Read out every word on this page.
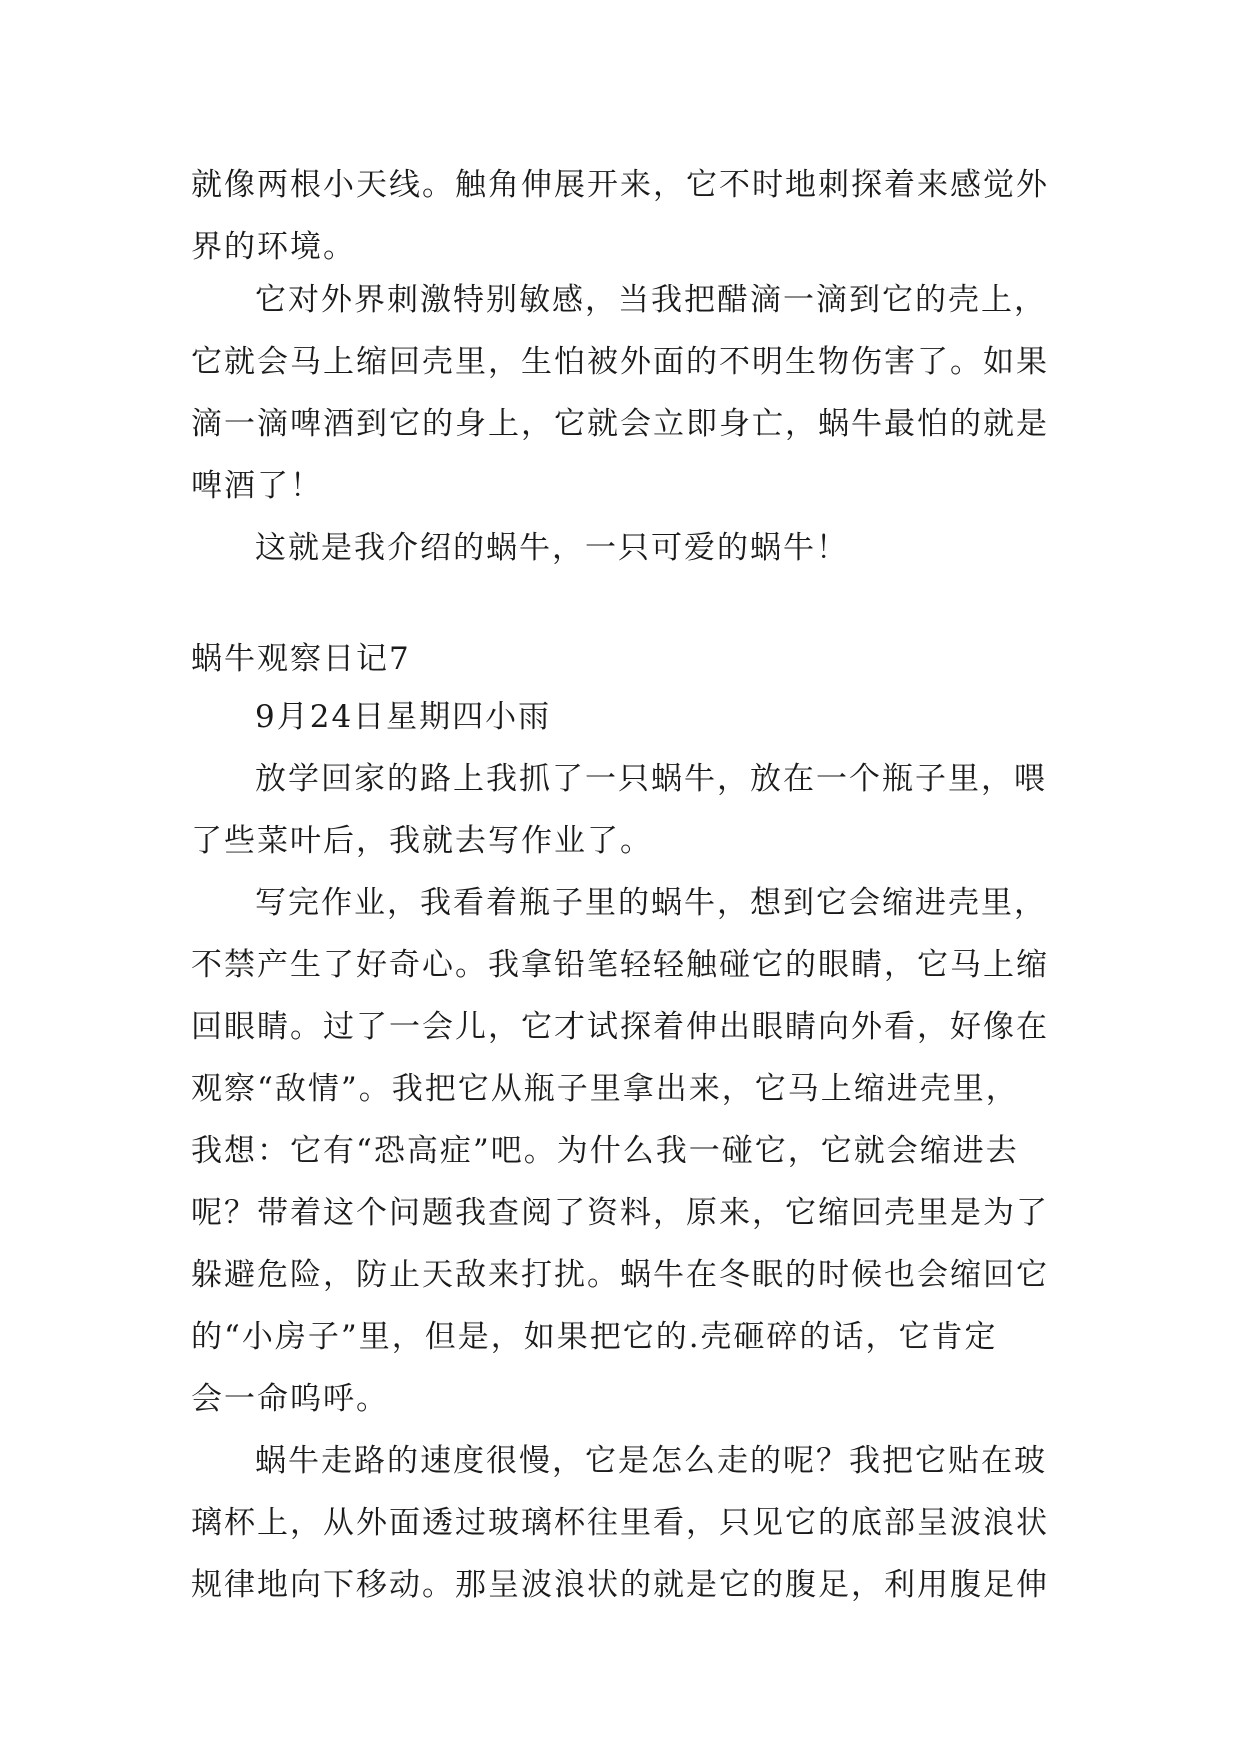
就像两根小天线。触角伸展开来，它不时地刺探着来感觉外
界的环境。
它对外界刺激特别敏感，当我把醋滴一滴到它的壳上，
它就会马上缩回壳里，生怕被外面的不明生物伤害了。如果
滴一滴啤酒到它的身上，它就会立即身亡，蜗牛最怕的就是
啤酒了！
这就是我介绍的蜗牛，一只可爱的蜗牛！
蜗牛观察日记7
9月24日星期四小雨
放学回家的路上我抓了一只蜗牛，放在一个瓶子里，喂
了些菜叶后，我就去写作业了。
写完作业，我看着瓶子里的蜗牛，想到它会缩进壳里，
不禁产生了好奇心。我拿铅笔轻轻触碰它的眼睛，它马上缩
回眼睛。过了一会儿，它才试探着伸出眼睛向外看，好像在
观察“敌情”。我把它从瓶子里拿出来，它马上缩进壳里，
我想：它有“恐高症”吧。为什么我一碰它，它就会缩进去
呢？带着这个问题我查阅了资料，原来，它缩回壳里是为了
躲避危险，防止天敌来打扰。蜗牛在冬眠的时候也会缩回它
的“小房子”里，但是，如果把它的.壳砸碎的话，它肯定
会一命呜呼。
蜗牛走路的速度很慢，它是怎么走的呢？我把它贴在玻
璃杯上，从外面透过玻璃杯往里看，只见它的底部呈波浪状
规律地向下移动。那呈波浪状的就是它的腹足，利用腹足伸
